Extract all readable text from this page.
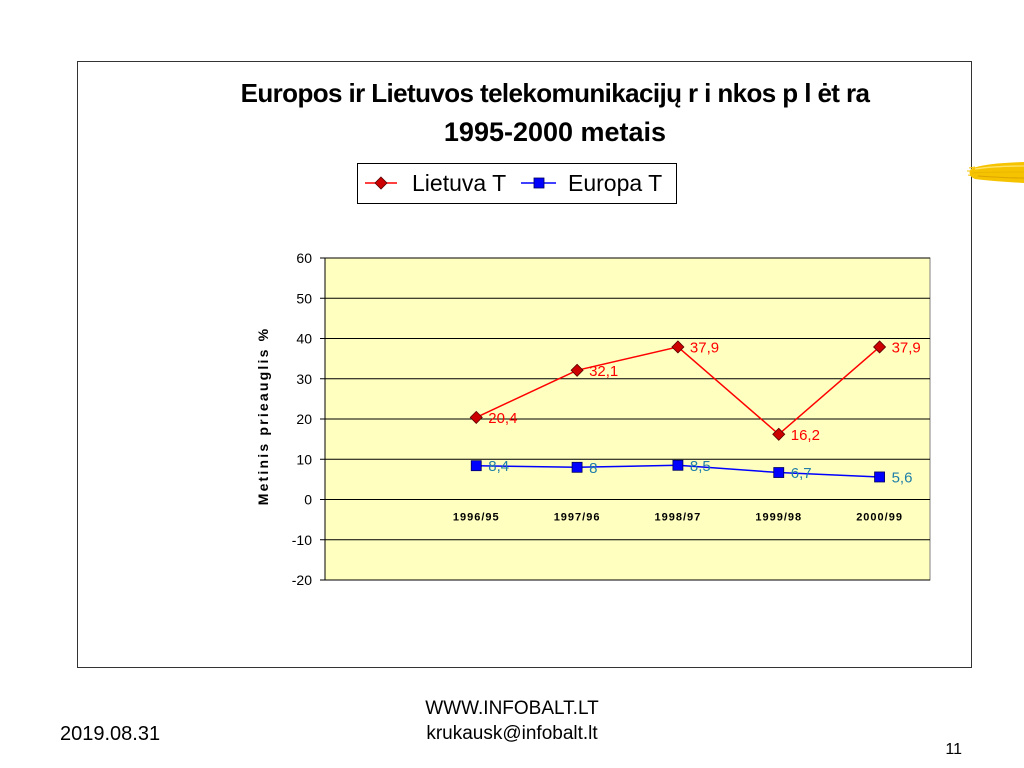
Europos ir Lietuvos telekomunikacijų r i nkos p l ėt ra
1995-2000 metais
Lietuva T	Europa T
Metinis prieauglis %
60
50
40
30
20
10
0
-10
-20
1996/95	1997/96	1998/97	1999/98	2000/99
20,4
32,1
37,9
16,2
37,9
8,4	8	8,5	6,7	5,6
2019.08.31
WWW.INFOBALT.LT
krukausk@infobalt.lt
11
